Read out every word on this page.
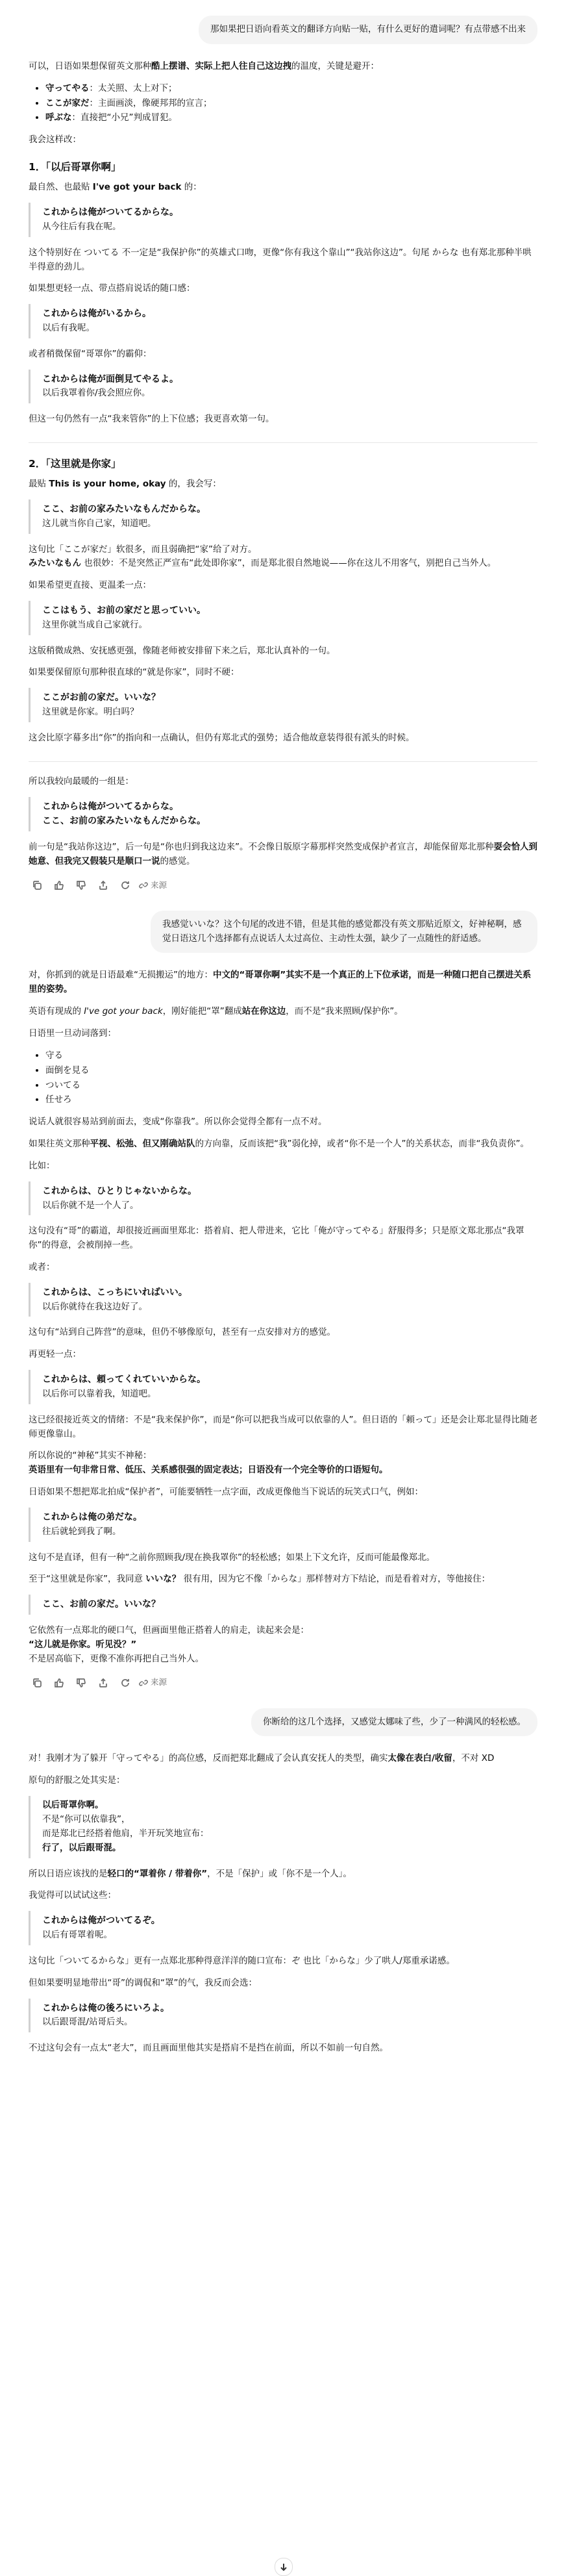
那如果把日语向看英文的翻译方向贴一贴，有什么更好的遣词呢？有点带感不出来

可以，日语如果想保留英文那种酷上摆谱、实际上把人往自己这边拽的温度，关键是避开：

• 守ってやる：太关照、太上对下；
• ここが家だ：主面画淡，像硬邦邦的宣言；
• 呼ぶな：直接把“小兄”判成冒犯。

我会这样改：

1．「以后哥罩你啊」

最自然、也最贴 I've got your back 的：

これからは俺がついてるからな。
从今往后有我在呢。

这个特别好在 ついてる 不一定是“我保护你”的英雄式口吻，更像“你有我这个靠山”“我站你这边”。句尾 からな 也有郑北那种半哄半得意的劲儿。

如果想更轻一点、带点搭肩说话的随口感：

これからは俺がいるから。
以后有我呢。

或者稍微保留“哥罩你”的霸仰：

これからは俺が面倒見てやるよ。
以后我罩着你/我会照应你。

但这一句仍然有一点“我来管你”的上下位感；我更喜欢第一句。

2．「这里就是你家」

最贴 This is your home, okay 的，我会写：

ここ、お前の家みたいなもんだからな。
这儿就当你自己家，知道吧。

这句比「ここが家だ」软很多，而且弱确把“家”给了对方。
みたいなもん 也很妙：不是突然正严宣布“此处即你家”，而是郑北很自然地说——你在这儿不用客气，别把自己当外人。

如果希望更直接、更温柔一点：

ここはもう、お前の家だと思っていい。
这里你就当成自己家就行。

这版稍微成熟、安抚感更强，像随老师被安排留下来之后，郑北认真补的一句。

如果要保留原句那种很直球的“就是你家”，同时不硬：

ここがお前の家だ。いいな？
这里就是你家。明白吗？

这会比原字幕多出“你”的指向和一点确认，但仍有郑北式的强势；适合他故意装得很有派头的时候。

所以我较向最暖的一组是：

これからは俺がついてるからな。
ここ、お前の家みたいなもんだからな。

前一句是“我站你这边”，后一句是“你也归到我这边来”。不会像日版原字幕那样突然变成保护者宣言，却能保留郑北那种耍会恰人到她意、但我完又假装只是顺口一说的感觉。

来源
我感觉いいな？这个句尾的改进不错，但是其他的感觉都没有英文那贴近原文，好神秘啊，感觉日语这几个选择都有点说话人太过高位、主动性太强，缺少了一点随性的舒适感。

对，你抓到的就是日语最难“无损搬运”的地方：中文的“哥罩你啊”其实不是一个真正的上下位承诺，而是一种随口把自己摆进关系里的姿势。

英语有现成的 I've got your back，刚好能把“罩”翻成站在你这边，而不是“我来照顾/保护你”。

日语里一旦动词落到：

• 守る
• 面倒を見る
• ついてる
• 任せろ

说话人就很容易站到前面去，变成“你靠我”。所以你会觉得全都有一点不对。

如果往英文那种平视、松弛、但又刚确站队的方向靠，反而该把“我”弱化掉，或者“你不是一个人”的关系状态，而非“我负责你”。

比如：

これからは、ひとりじゃないからな。
以后你就不是一个人了。

这句没有“哥”的霸道，却很接近画面里郑北：搭着肩、把人带进来，它比「俺が守ってやる」舒服得多；只是原文郑北那点“我罩你”的得意，会被削掉一些。

或者：

これからは、こっちにいればいい。
以后你就待在我这边好了。

这句有“站到自己阵营”的意味，但仍不够像原句，甚至有一点安排对方的感觉。

再更轻一点：

これからは、頼ってくれていいからな。
以后你可以靠着我，知道吧。

这已经很接近英文的情绪：不是“我来保护你”，而是“你可以把我当成可以依靠的人”。但日语的「頼って」还是会让郑北显得比随老师更像靠山。

所以你说的“神秘”其实不神秘：

英语里有一句非常日常、低压、关系感很强的固定表达；日语没有一个完全等价的口语短句。

日语如果不想把郑北拍成“保护者”，可能要牺牲一点字面，改成更像他当下说话的玩笑式口气，例如：

これからは俺の弟だな。
往后就轮到我了啊。

这句不是直译，但有一种“之前你照顾我/现在换我罩你”的轻松感；如果上下文允许，反而可能最像郑北。

至于“这里就是你家”，我同意 いいな？ 很有用，因为它不像「からな」那样替对方下结论，而是看着对方，等他接住：

ここ、お前の家だ。いいな？

它依然有一点郑北的硬口气，但画面里他正搭着人的肩走，读起来会是：

“这儿就是你家。听见没？”

不是居高临下，更像不准你再把自己当外人。

来源
你断给的这几个选择，又感觉太娜味了些，少了一种满风的轻松感。

对！我刚才为了躲开「守ってやる」的高位感，反而把郑北翻成了会认真安抚人的类型，确实太像在表白/收留，不对 XD

原句的舒服之处其实是：

以后哥罩你啊。
不是“你可以依靠我”，
而是郑北已经搭着他肩，半开玩笑地宣布：
行了，以后跟哥混。

所以日语应该找的是轻口的“罩着你 / 带着你”，不是「保护」或「你不是一个人」。

我觉得可以试试这些：

これからは俺がついてるぞ。
以后有哥罩着呢。

这句比「ついてるからな」更有一点郑北那种得意洋洋的随口宣布：ぞ 也比「からな」少了哄人/郑重承诺感。

但如果要明显地带出“哥”的调侃和“罩”的气，我反而会选：

これからは俺の後ろにいろよ。
以后跟哥混/站哥后头。

不过这句会有一点太“老大”，而且画面里他其实是搭肩不是挡在前面，所以不如前一句自然。
